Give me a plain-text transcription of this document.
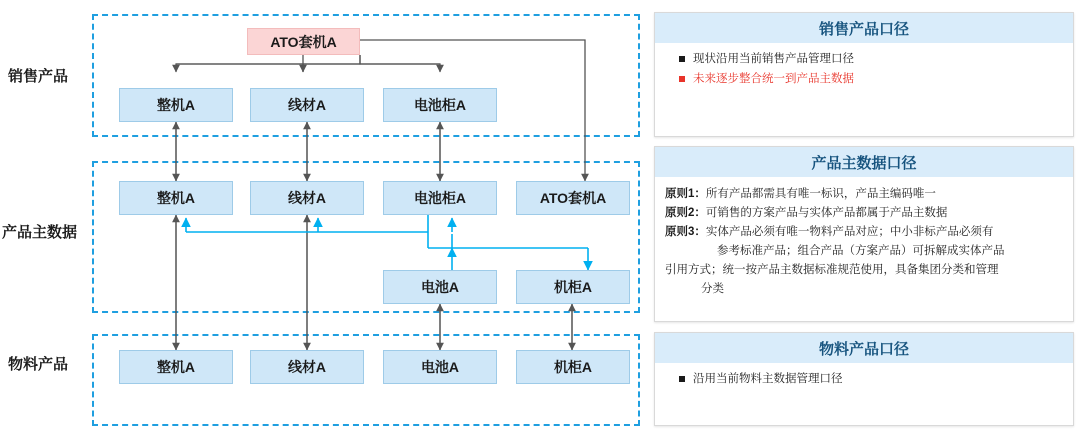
销售产品
产品主数据
物料产品
ATO套机A
整机A	线材A	电池柜A
整机A	线材A	电池柜A	ATO套机A
电池A	机柜A
整机A	线材A	电池A	机柜A
销售产品口径
现状沿用当前销售产品管理口径
未来逐步整合统一到产品主数据
产品主数据口径
原则1：所有产品都需具有唯一标识，产品主编码唯一
原则2：可销售的方案产品与实体产品都属于产品主数据
原则3：实体产品必须有唯一物料产品对应；中小非标产品必须有
参考标准产品；组合产品（方案产品）可拆解成实体产品
引用方式；统一按产品主数据标准规范使用，具备集团分类和管理
分类
物料产品口径
沿用当前物料主数据管理口径
